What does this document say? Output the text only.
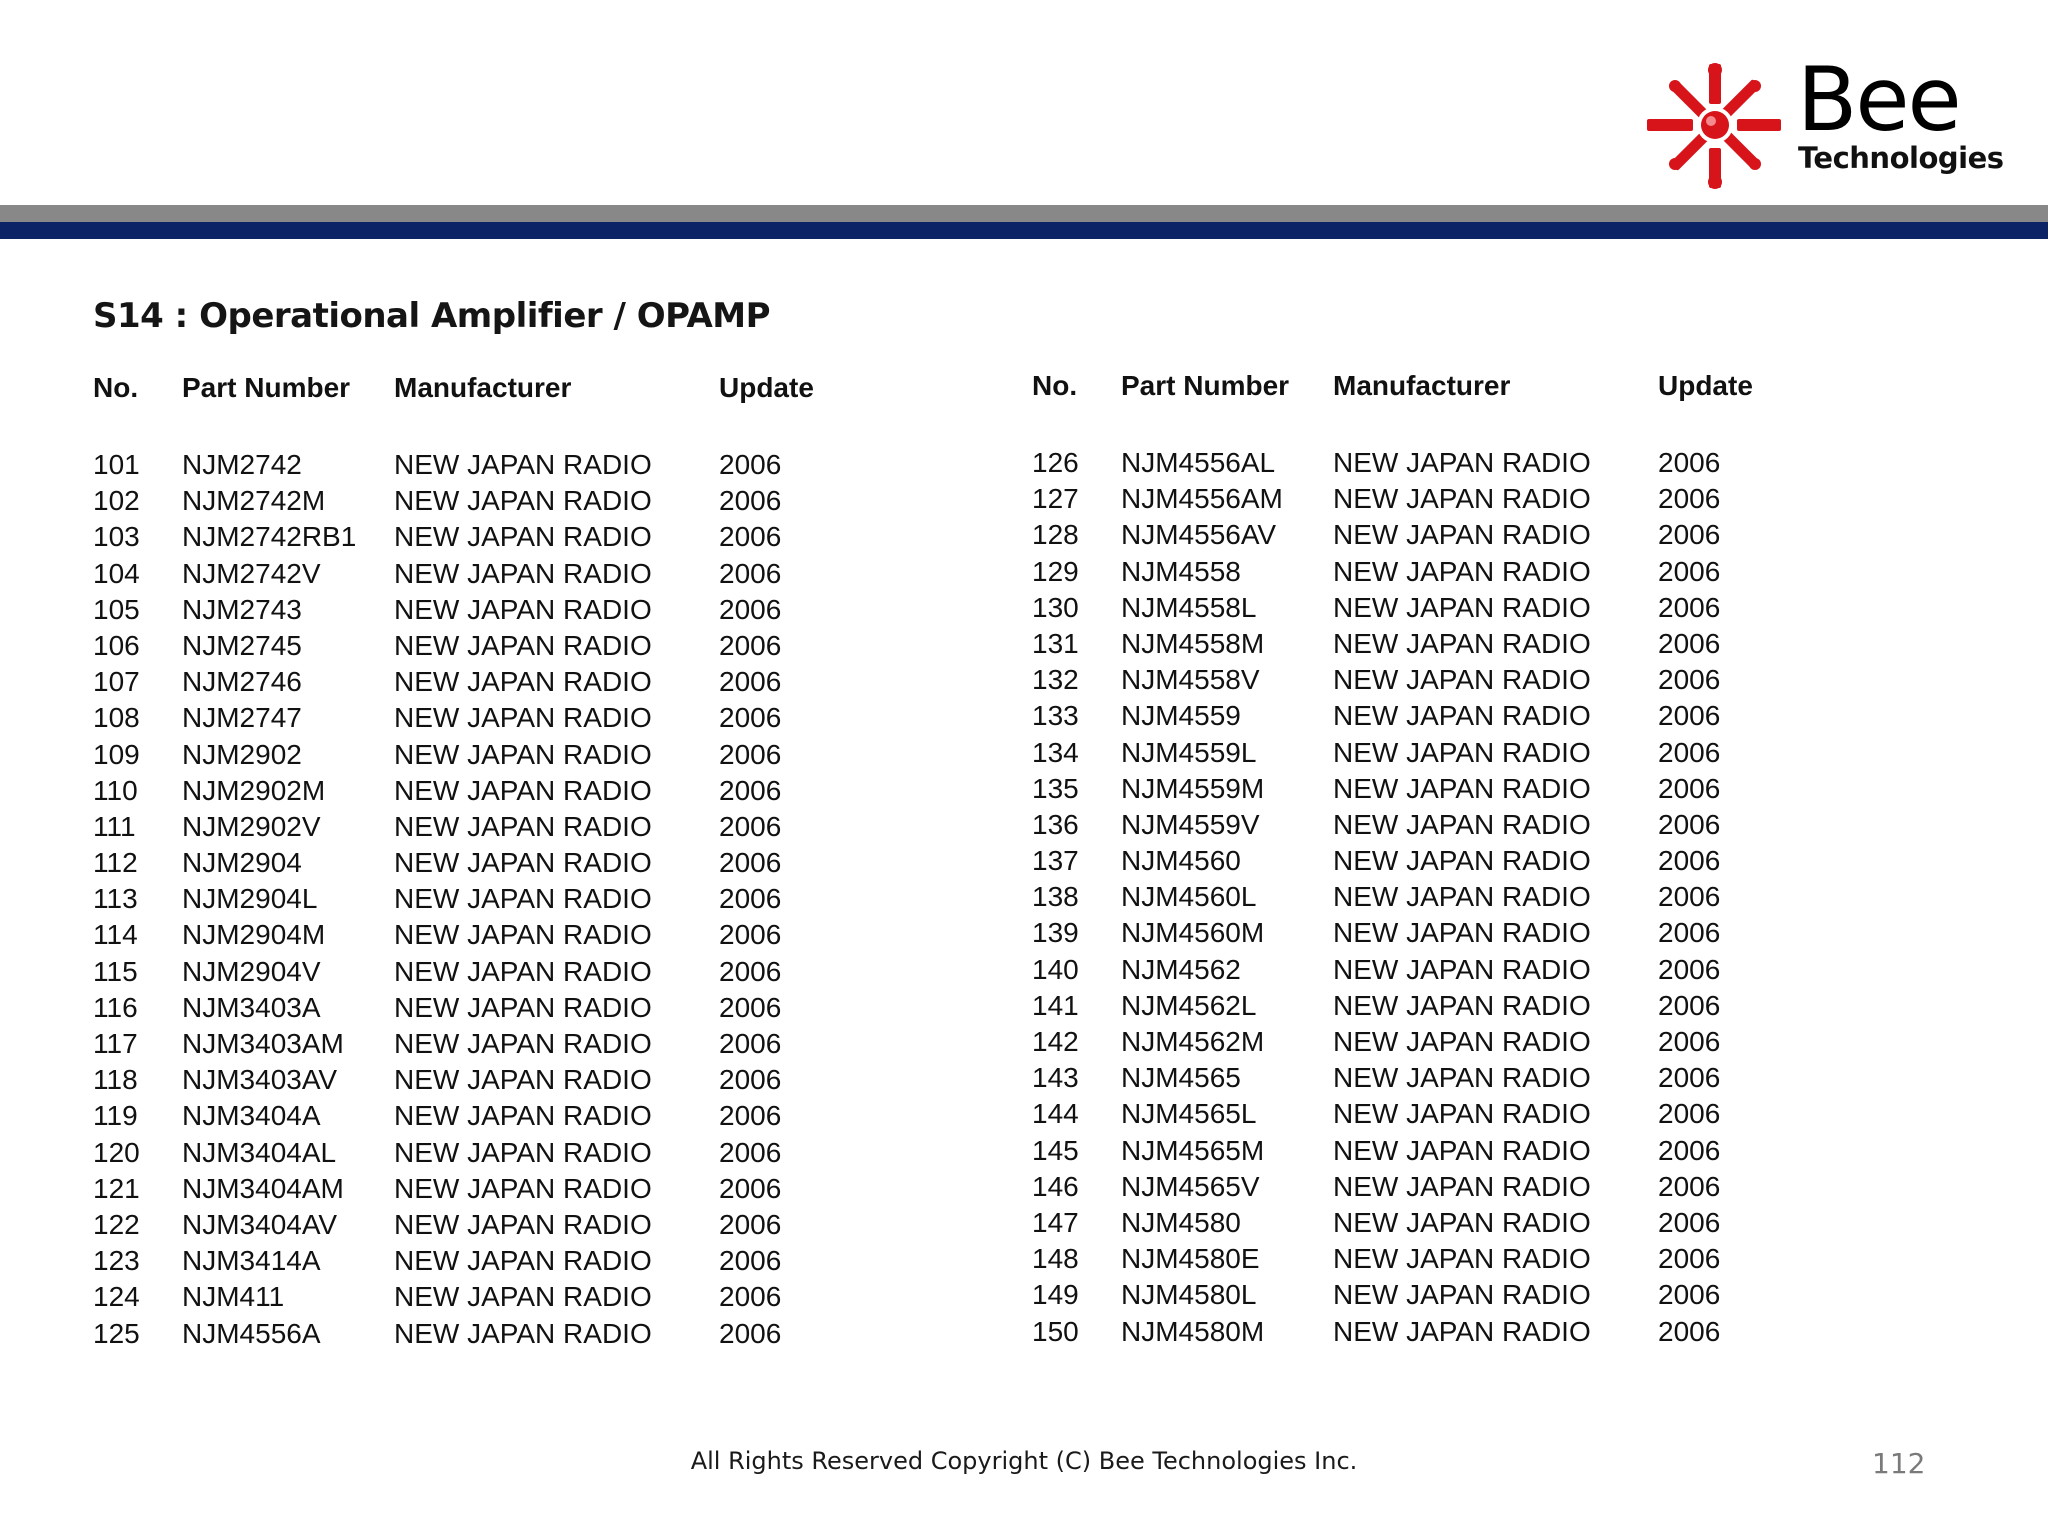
Bee
Technologies
S14 : Operational Amplifier / OPAMP
No.	Part Number	Manufacturer	Update
101	NJM2742	NEW JAPAN RADIO	2006
102	NJM2742M	NEW JAPAN RADIO	2006
103	NJM2742RB1	NEW JAPAN RADIO	2006
104	NJM2742V	NEW JAPAN RADIO	2006
105	NJM2743	NEW JAPAN RADIO	2006
106	NJM2745	NEW JAPAN RADIO	2006
107	NJM2746	NEW JAPAN RADIO	2006
108	NJM2747	NEW JAPAN RADIO	2006
109	NJM2902	NEW JAPAN RADIO	2006
110	NJM2902M	NEW JAPAN RADIO	2006
111	NJM2902V	NEW JAPAN RADIO	2006
112	NJM2904	NEW JAPAN RADIO	2006
113	NJM2904L	NEW JAPAN RADIO	2006
114	NJM2904M	NEW JAPAN RADIO	2006
115	NJM2904V	NEW JAPAN RADIO	2006
116	NJM3403A	NEW JAPAN RADIO	2006
117	NJM3403AM	NEW JAPAN RADIO	2006
118	NJM3403AV	NEW JAPAN RADIO	2006
119	NJM3404A	NEW JAPAN RADIO	2006
120	NJM3404AL	NEW JAPAN RADIO	2006
121	NJM3404AM	NEW JAPAN RADIO	2006
122	NJM3404AV	NEW JAPAN RADIO	2006
123	NJM3414A	NEW JAPAN RADIO	2006
124	NJM411	NEW JAPAN RADIO	2006
125	NJM4556A	NEW JAPAN RADIO	2006
No.	Part Number	Manufacturer	Update
126	NJM4556AL	NEW JAPAN RADIO	2006
127	NJM4556AM	NEW JAPAN RADIO	2006
128	NJM4556AV	NEW JAPAN RADIO	2006
129	NJM4558	NEW JAPAN RADIO	2006
130	NJM4558L	NEW JAPAN RADIO	2006
131	NJM4558M	NEW JAPAN RADIO	2006
132	NJM4558V	NEW JAPAN RADIO	2006
133	NJM4559	NEW JAPAN RADIO	2006
134	NJM4559L	NEW JAPAN RADIO	2006
135	NJM4559M	NEW JAPAN RADIO	2006
136	NJM4559V	NEW JAPAN RADIO	2006
137	NJM4560	NEW JAPAN RADIO	2006
138	NJM4560L	NEW JAPAN RADIO	2006
139	NJM4560M	NEW JAPAN RADIO	2006
140	NJM4562	NEW JAPAN RADIO	2006
141	NJM4562L	NEW JAPAN RADIO	2006
142	NJM4562M	NEW JAPAN RADIO	2006
143	NJM4565	NEW JAPAN RADIO	2006
144	NJM4565L	NEW JAPAN RADIO	2006
145	NJM4565M	NEW JAPAN RADIO	2006
146	NJM4565V	NEW JAPAN RADIO	2006
147	NJM4580	NEW JAPAN RADIO	2006
148	NJM4580E	NEW JAPAN RADIO	2006
149	NJM4580L	NEW JAPAN RADIO	2006
150	NJM4580M	NEW JAPAN RADIO	2006
All Rights Reserved Copyright (C) Bee Technologies Inc.	112
